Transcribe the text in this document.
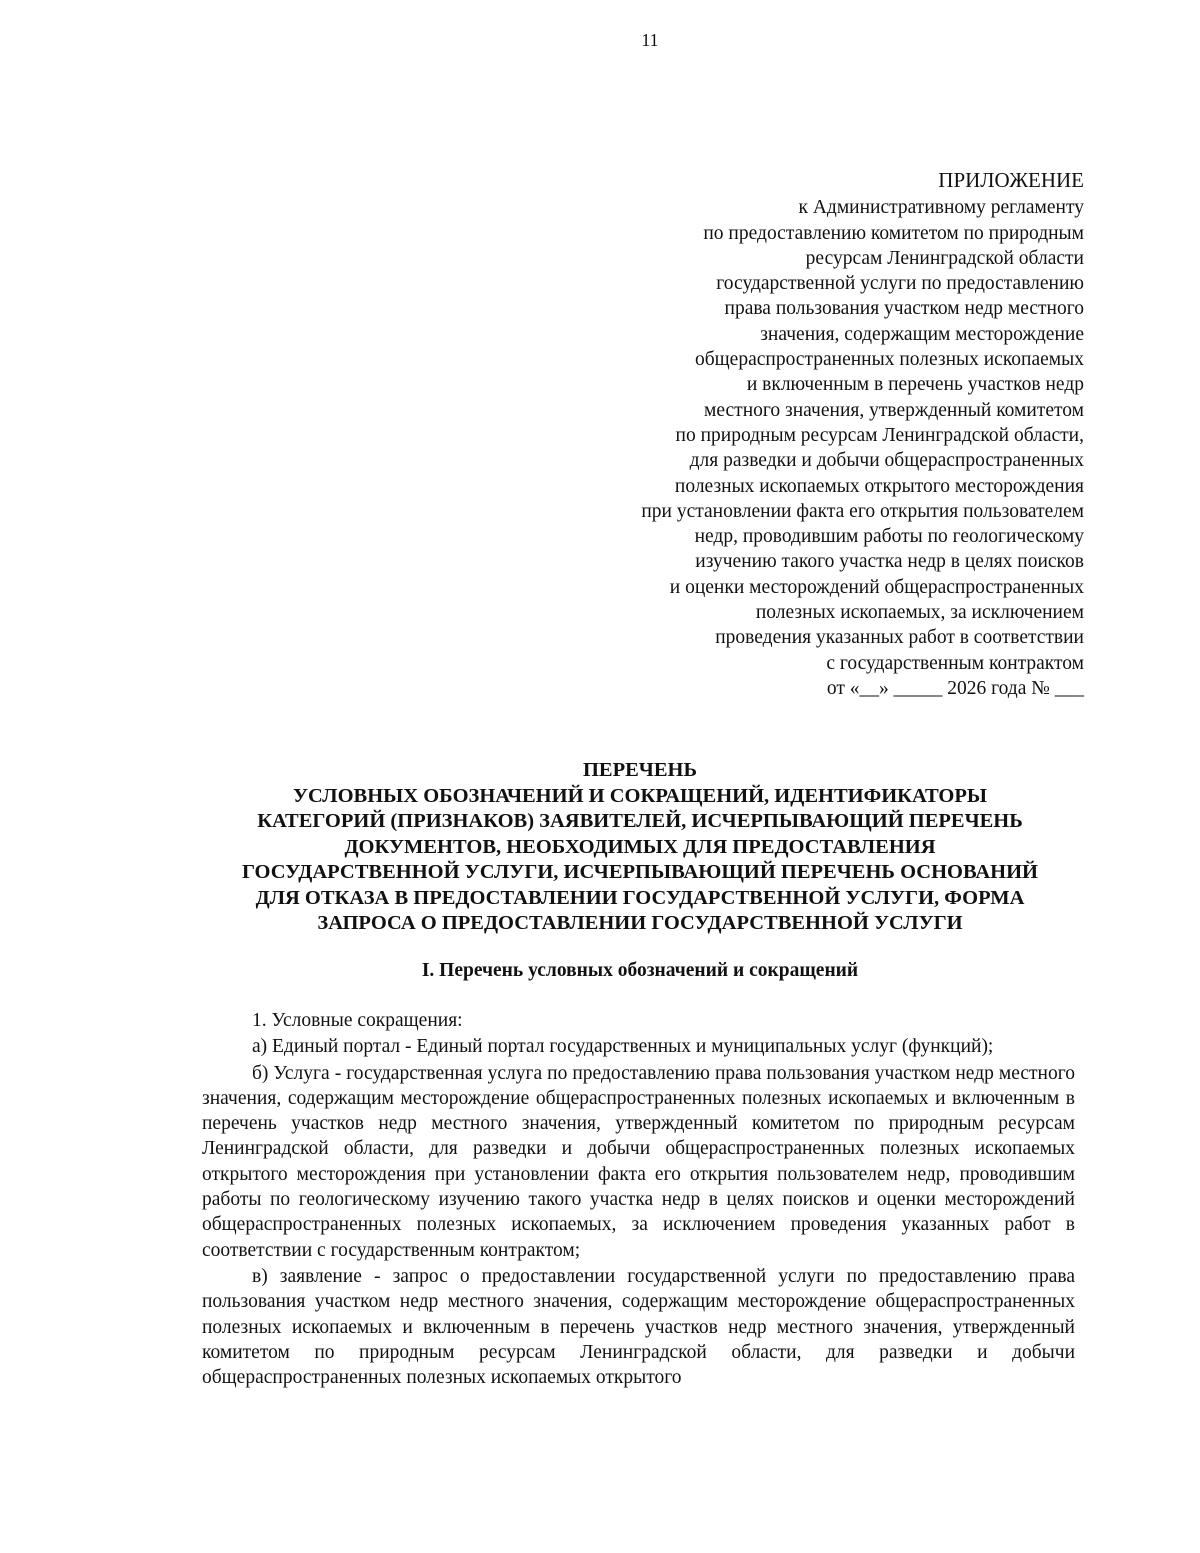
11
ПРИЛОЖЕНИЕ
к Административному регламенту
по предоставлению комитетом по природным
ресурсам Ленинградской области
государственной услуги по предоставлению
права пользования участком недр местного
значения, содержащим месторождение
общераспространенных полезных ископаемых
и включенным в перечень участков недр
местного значения, утвержденный комитетом
по природным ресурсам Ленинградской области,
для разведки и добычи общераспространенных
полезных ископаемых открытого месторождения
при установлении факта его открытия пользователем
недр, проводившим работы по геологическому
изучению такого участка недр в целях поисков
и оценки месторождений общераспространенных
полезных ископаемых, за исключением
проведения указанных работ в соответствии
с государственным контрактом
от «__» _____ 2026 года № ___
ПЕРЕЧЕНЬ
УСЛОВНЫХ ОБОЗНАЧЕНИЙ И СОКРАЩЕНИЙ, ИДЕНТИФИКАТОРЫ
КАТЕГОРИЙ (ПРИЗНАКОВ) ЗАЯВИТЕЛЕЙ, ИСЧЕРПЫВАЮЩИЙ ПЕРЕЧЕНЬ
ДОКУМЕНТОВ, НЕОБХОДИМЫХ ДЛЯ ПРЕДОСТАВЛЕНИЯ
ГОСУДАРСТВЕННОЙ УСЛУГИ, ИСЧЕРПЫВАЮЩИЙ ПЕРЕЧЕНЬ ОСНОВАНИЙ
ДЛЯ ОТКАЗА В ПРЕДОСТАВЛЕНИИ ГОСУДАРСТВЕННОЙ УСЛУГИ, ФОРМА
ЗАПРОСА О ПРЕДОСТАВЛЕНИИ ГОСУДАРСТВЕННОЙ УСЛУГИ
I. Перечень условных обозначений и сокращений

1. Условные сокращения:

а) Единый портал - Единый портал государственных и муниципальных услуг (функций);

б) Услуга - государственная услуга по предоставлению права пользования участком недр местного значения, содержащим месторождение общераспространенных полезных ископаемых и включенным в перечень участков недр местного значения, утвержденный комитетом по природным ресурсам Ленинградской области, для разведки и добычи общераспространенных полезных ископаемых открытого месторождения при установлении факта его открытия пользователем недр, проводившим работы по геологическому изучению такого участка недр в целях поисков и оценки месторождений общераспространенных полезных ископаемых, за исключением проведения указанных работ в соответствии с государственным контрактом;

в) заявление - запрос о предоставлении государственной услуги по предоставлению права пользования участком недр местного значения, содержащим месторождение общераспространенных полезных ископаемых и включенным в перечень участков недр местного значения, утвержденный комитетом по природным ресурсам Ленинградской области, для разведки и добычи общераспространенных полезных ископаемых открытого
